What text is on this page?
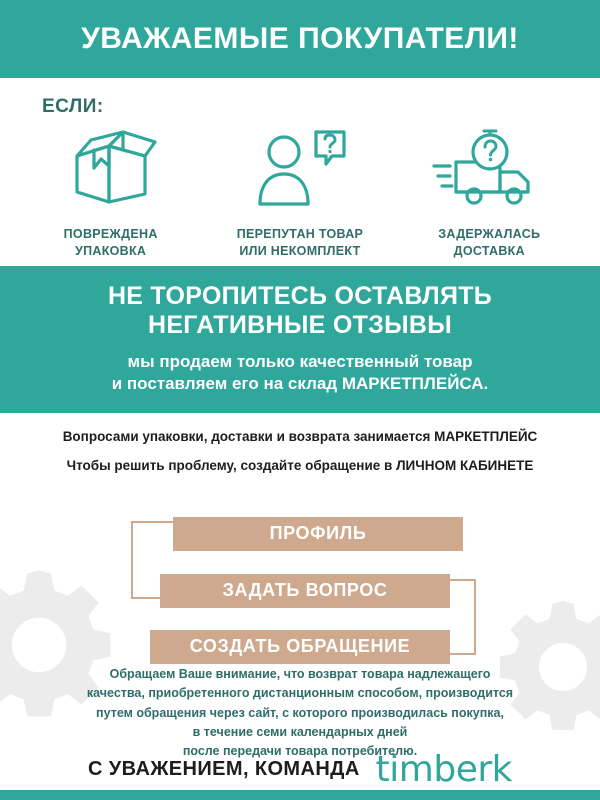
УВАЖАЕМЫЕ ПОКУПАТЕЛИ!
ЕСЛИ:
ПОВРЕЖДЕНА
УПАКОВКА
ПЕРЕПУТАН ТОВАР
ИЛИ НЕКОМПЛЕКТ
ЗАДЕРЖАЛАСЬ
ДОСТАВКА
НЕ ТОРОПИТЕСЬ ОСТАВЛЯТЬ
НЕГАТИВНЫЕ ОТЗЫВЫ
мы продаем только качественный товар
и поставляем его на склад МАРКЕТПЛЕЙСА.
Вопросами упаковки, доставки и возврата занимается МАРКЕТПЛЕЙС
Чтобы решить проблему, создайте обращение в ЛИЧНОМ КАБИНЕТЕ
ПРОФИЛЬ
ЗАДАТЬ ВОПРОС
СОЗДАТЬ ОБРАЩЕНИЕ
Обращаем Ваше внимание, что возврат товара надлежащего
качества, приобретенного дистанционным способом, производится
путем обращения через сайт, с которого производилась покупка,
в течение семи календарных дней
после передачи товара потребителю.
С УВАЖЕНИЕМ, КОМАНДА timberk
